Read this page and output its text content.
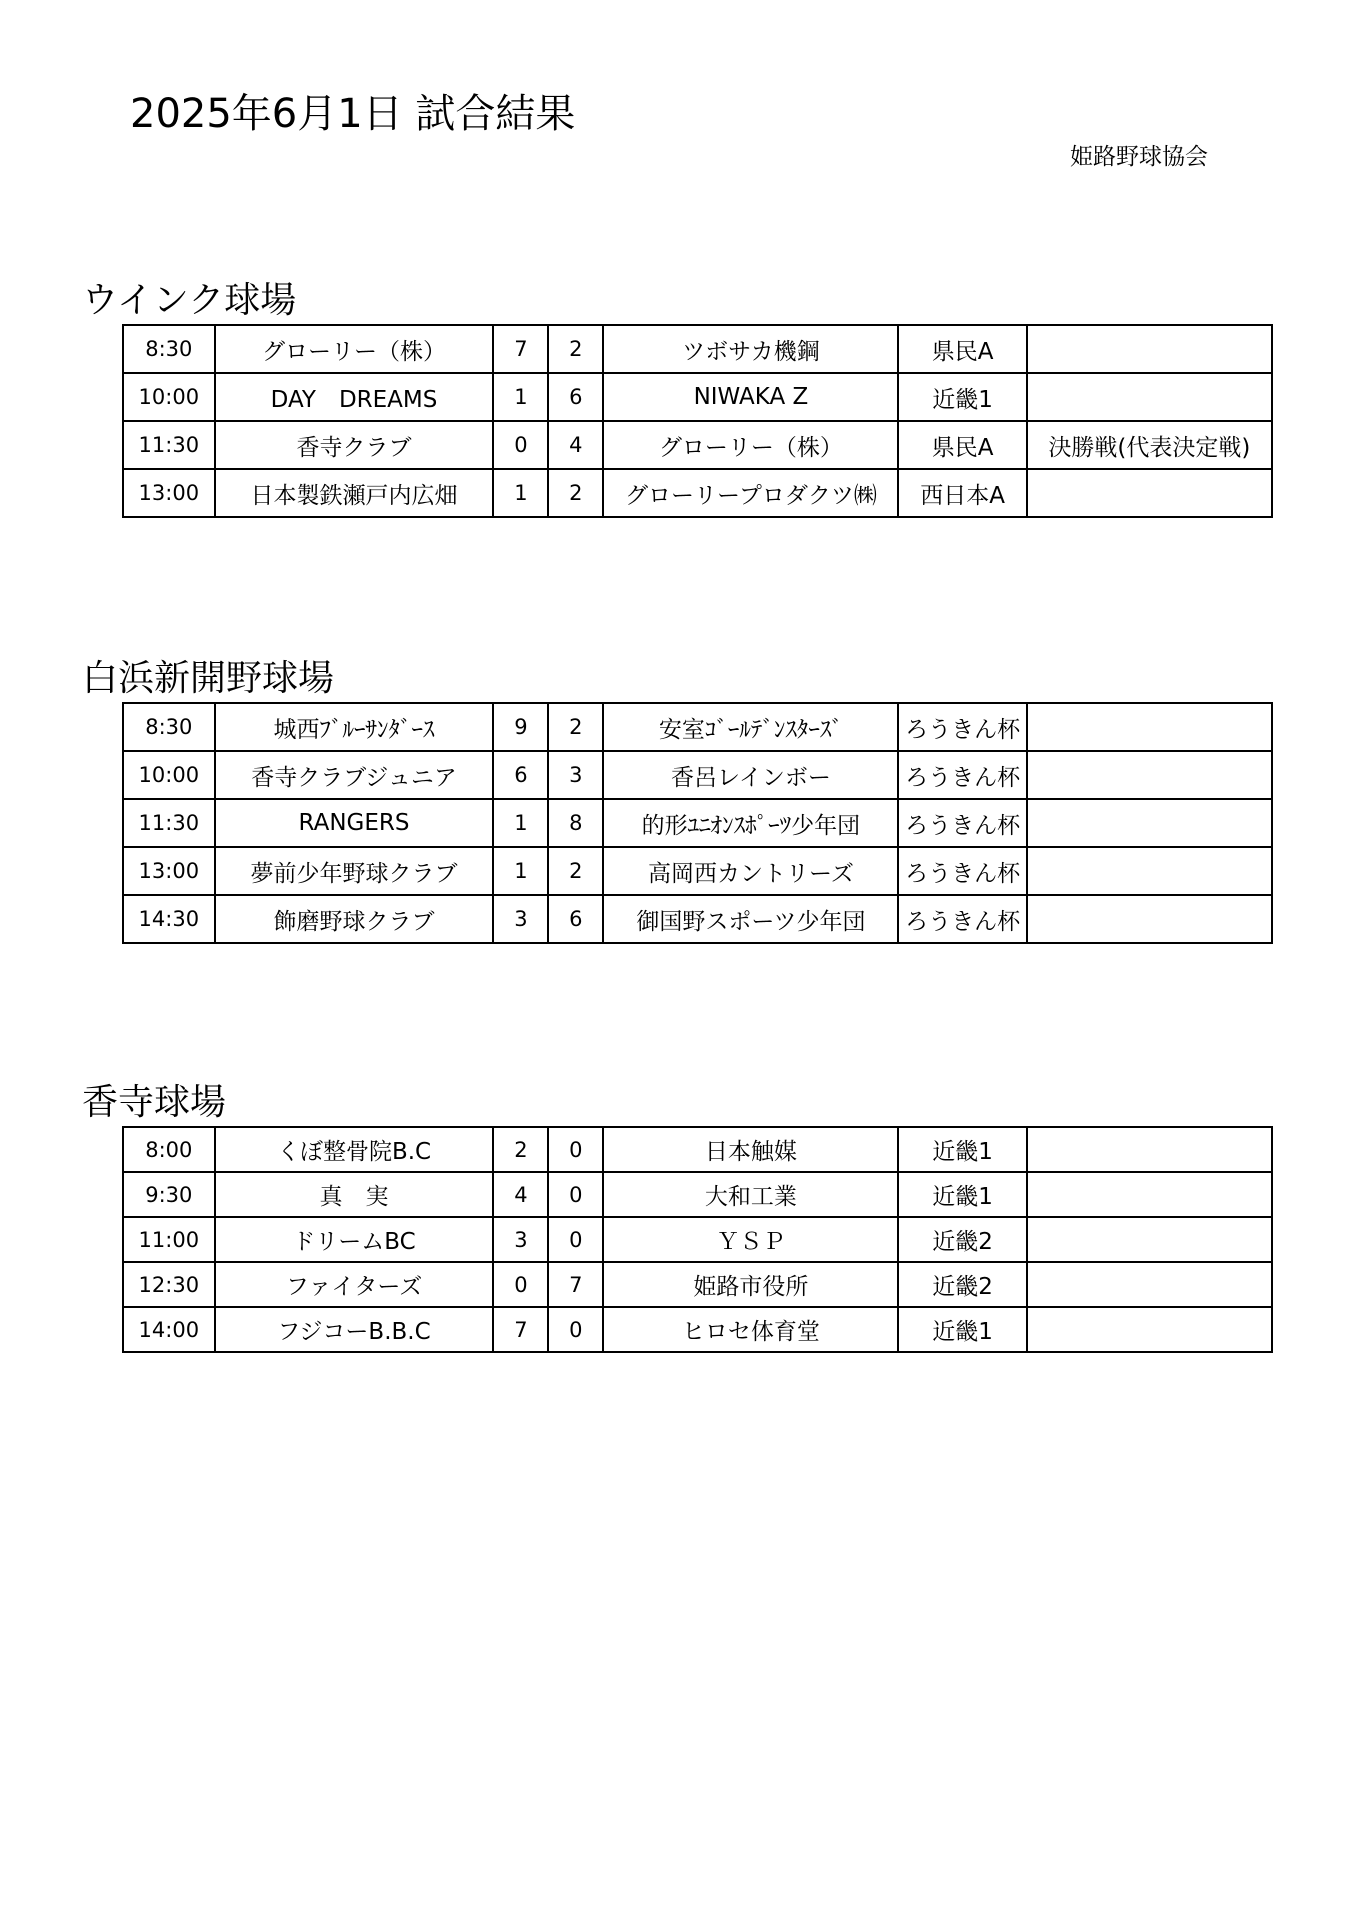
2025年6月1日 試合結果
姫路野球協会
ウインク球場
8:30	グローリー（株）	7	2	ツボサカ機鋼	県民A	
10:00	DAY　DREAMS	1	6	NIWAKA Z	近畿1	
11:30	香寺クラブ	0	4	グローリー（株）	県民A	決勝戦(代表決定戦)
13:00	日本製鉄瀬戸内広畑	1	2	グローリープロダクツ㈱	西日本A	
白浜新開野球場
8:30	城西ﾌﾞﾙｰｻﾝﾀﾞｰｽ	9	2	安室ｺﾞｰﾙﾃﾞﾝｽﾀｰｽﾞ	ろうきん杯	
10:00	香寺クラブジュニア	6	3	香呂レインボー	ろうきん杯	
11:30	RANGERS	1	8	的形ﾕﾆｵﾝｽﾎﾟｰﾂ少年団	ろうきん杯	
13:00	夢前少年野球クラブ	1	2	高岡西カントリーズ	ろうきん杯	
14:30	飾磨野球クラブ	3	6	御国野スポーツ少年団	ろうきん杯	
香寺球場
8:00	くぼ整骨院B.C	2	0	日本触媒	近畿1	
9:30	真　実	4	0	大和工業	近畿1	
11:00	ドリームBC	3	0	ＹＳＰ	近畿2	
12:30	ファイターズ	0	7	姫路市役所	近畿2	
14:00	フジコーB.B.C	7	0	ヒロセ体育堂	近畿1	
